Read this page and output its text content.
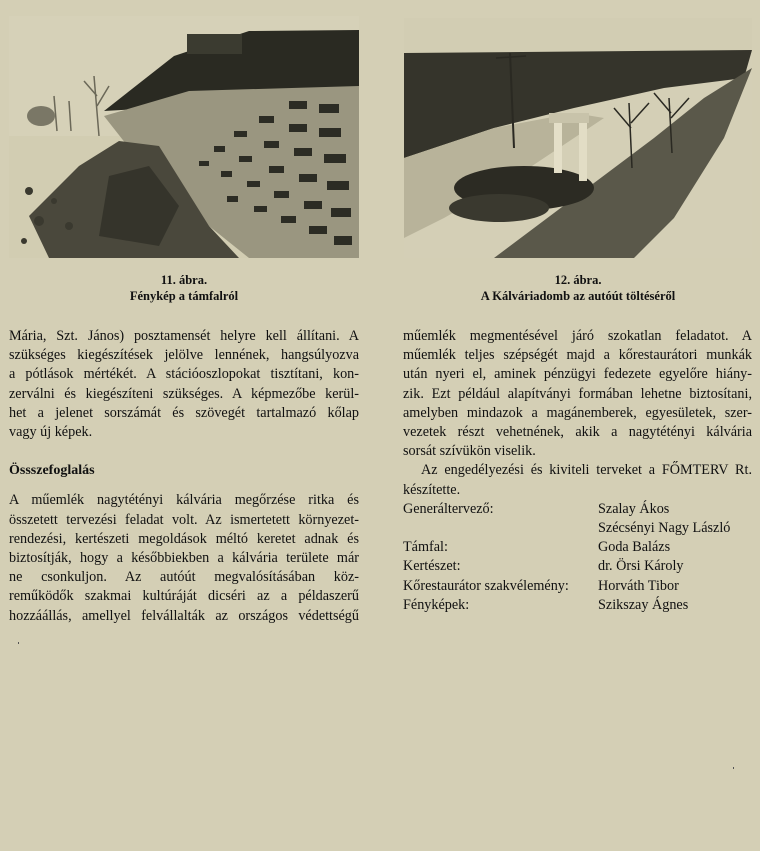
11. ábra.
Fénykép a támfalról
12. ábra.
A Kálváriadomb az autóút töltéséről
Mária, Szt. János) posztamensét helyre kell állítani. A
szükséges kiegészítések jelölve lennének, hangsúlyozva
a pótlások mértékét. A stációoszlopokat tisztítani, kon-
zerválni és kiegészíteni szükséges. A képmezőbe kerül-
het a jelenet sorszámát és szövegét tartalmazó kőlap
vagy új képek.
Össszefoglalás
A műemlék nagytétényi kálvária megőrzése ritka és
összetett tervezési feladat volt. Az ismertetett környezet-
rendezési, kertészeti megoldások méltó keretet adnak és
biztosítják, hogy a későbbiekben a kálvária területe már
ne csonkuljon. Az autóút megvalósításában köz-
reműködők szakmai kultúráját dicséri az a példaszerű
hozzáállás, amellyel felvállalták az országos védettségű
műemlék megmentésével járó szokatlan feladatot. A
műemlék teljes szépségét majd a kőrestaurátori munkák
után nyeri el, aminek pénzügyi fedezete egyelőre hiány-
zik. Ezt például alapítványi formában lehetne biztosítani,
amelyben mindazok a magánemberek, egyesületek, szer-
vezetek részt vehetnének, akik a nagytétényi kálvária
sorsát szívükön viselik.
Az engedélyezési és kiviteli terveket a FŐMTERV Rt.
készítette.
Generáltervező:	Szalay Ákos

Szécsényi Nagy László
Támfal:	Goda Balázs
Kertészet:	dr. Örsi Károly
Kőrestaurátor szakvélemény:	Horváth Tibor
Fényképek:	Szikszay Ágnes
